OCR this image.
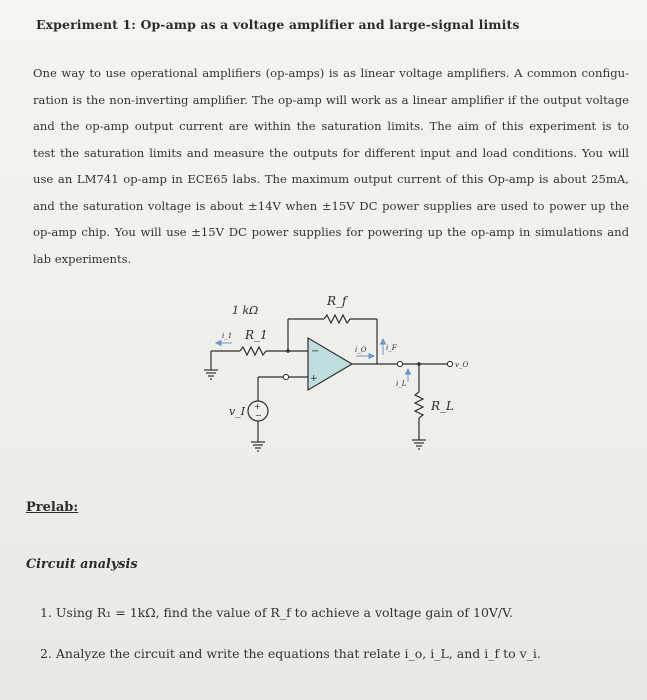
Experiment 1: Op-amp as a voltage amplifier and large-signal limits
One way to use operational amplifiers (op-amps) is as linear voltage amplifiers. A common configu-
ration is the non-inverting amplifier. The op-amp will work as a linear amplifier if the output voltage
and the op-amp output current are within the saturation limits. The aim of this experiment is to
test the saturation limits and measure the outputs for different input and load conditions. You will
use an LM741 op-amp in ECE65 labs. The maximum output current of this Op-amp is about 25mA,
and the saturation voltage is about ±14V when ±15V DC power supplies are used to power up the
op-amp chip. You will use ±15V DC power supplies for powering up the op-amp in simulations and
lab experiments.
1 kΩ
R_f
R_1
i_1
i_O	i_F
i_L
v_O
R_L
v_I
−
+
+
−
Prelab:
Circuit analysis
1. Using R₁ = 1kΩ, find the value of R_f to achieve a voltage gain of 10V/V.
2. Analyze the circuit and write the equations that relate i_o, i_L, and i_f to v_i.
